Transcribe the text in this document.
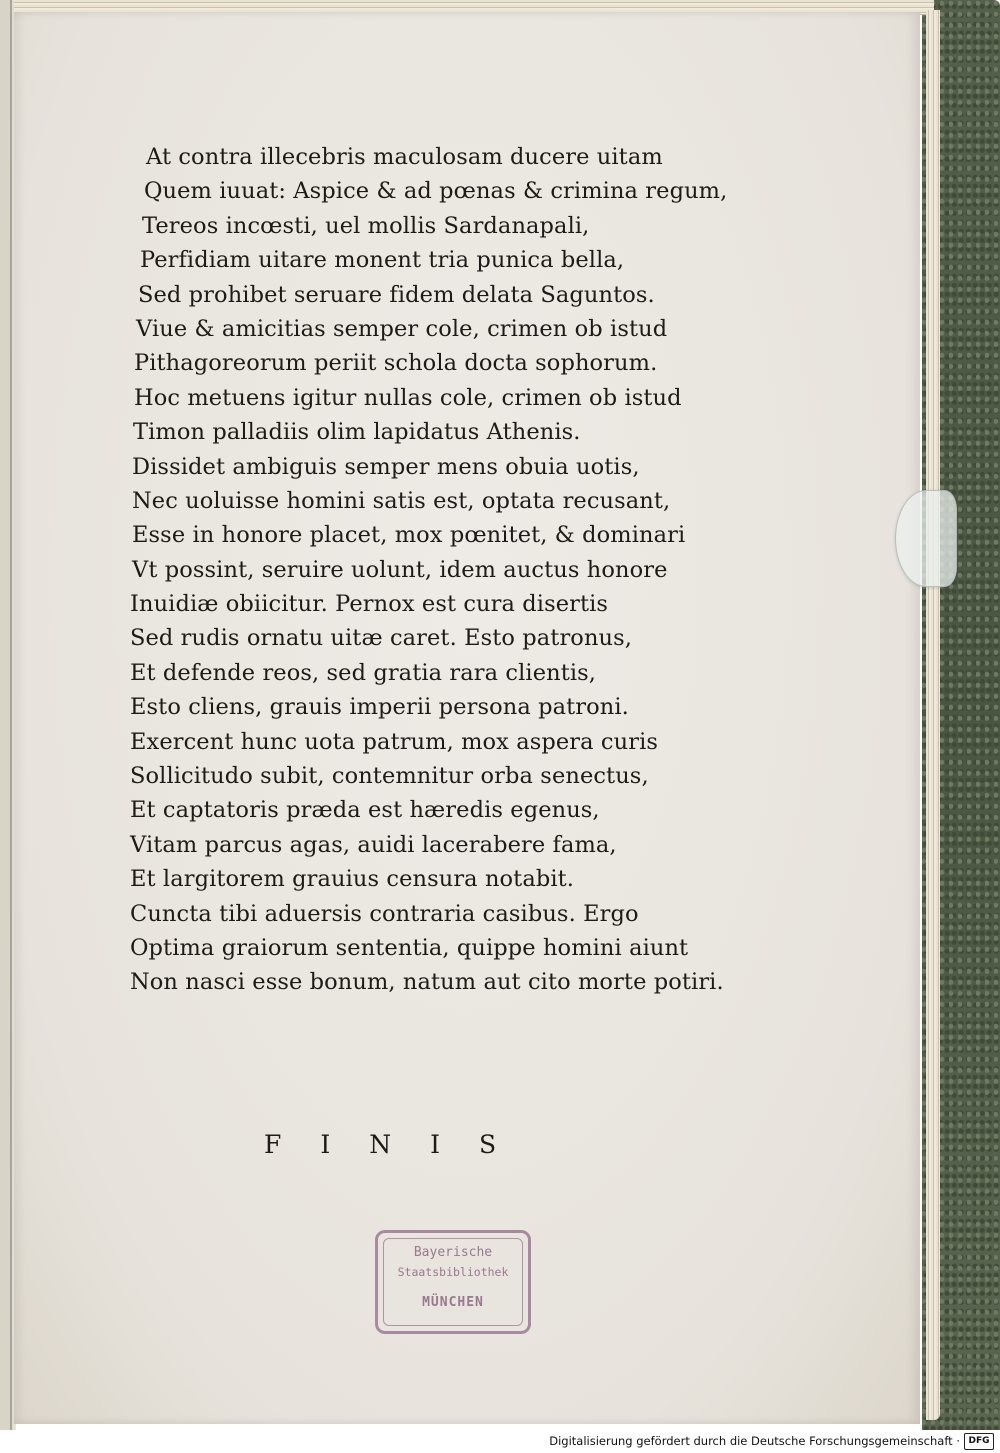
At contra illecebris maculosam ducere uitam
Quem iuuat: Aspice & ad pœnas & crimina regum,
Tereos incœsti, uel mollis Sardanapali,
Perfidiam uitare monent tria punica bella,
Sed prohibet seruare fidem delata Saguntos.
Viue & amicitias semper cole, crimen ob istud
Pithagoreorum periit schola docta sophorum.
Hoc metuens igitur nullas cole, crimen ob istud
Timon palladiis olim lapidatus Athenis.
Dissidet ambiguis semper mens obuia uotis,
Nec uoluisse homini satis est, optata recusant,
Esse in honore placet, mox pœnitet, & dominari
Vt possint, seruire uolunt, idem auctus honore
Inuidiæ obiicitur. Pernox est cura disertis
Sed rudis ornatu uitæ caret. Esto patronus,
Et defende reos, sed gratia rara clientis,
Esto cliens, grauis imperii persona patroni.
Exercent hunc uota patrum, mox aspera curis
Sollicitudo subit, contemnitur orba senectus,
Et captatoris præda est hæredis egenus,
Vitam parcus agas, auidi lacerabere fama,
Et largitorem grauius censura notabit.
Cuncta tibi aduersis contraria casibus. Ergo
Optima graiorum sententia, quippe homini aiunt
Non nasci esse bonum, natum aut cito morte potiri.
FINIS
Bayerische
Staatsbibliothek
MÜNCHEN
Digitalisierung gefördert durch die Deutsche Forschungsgemeinschaft · DFG
